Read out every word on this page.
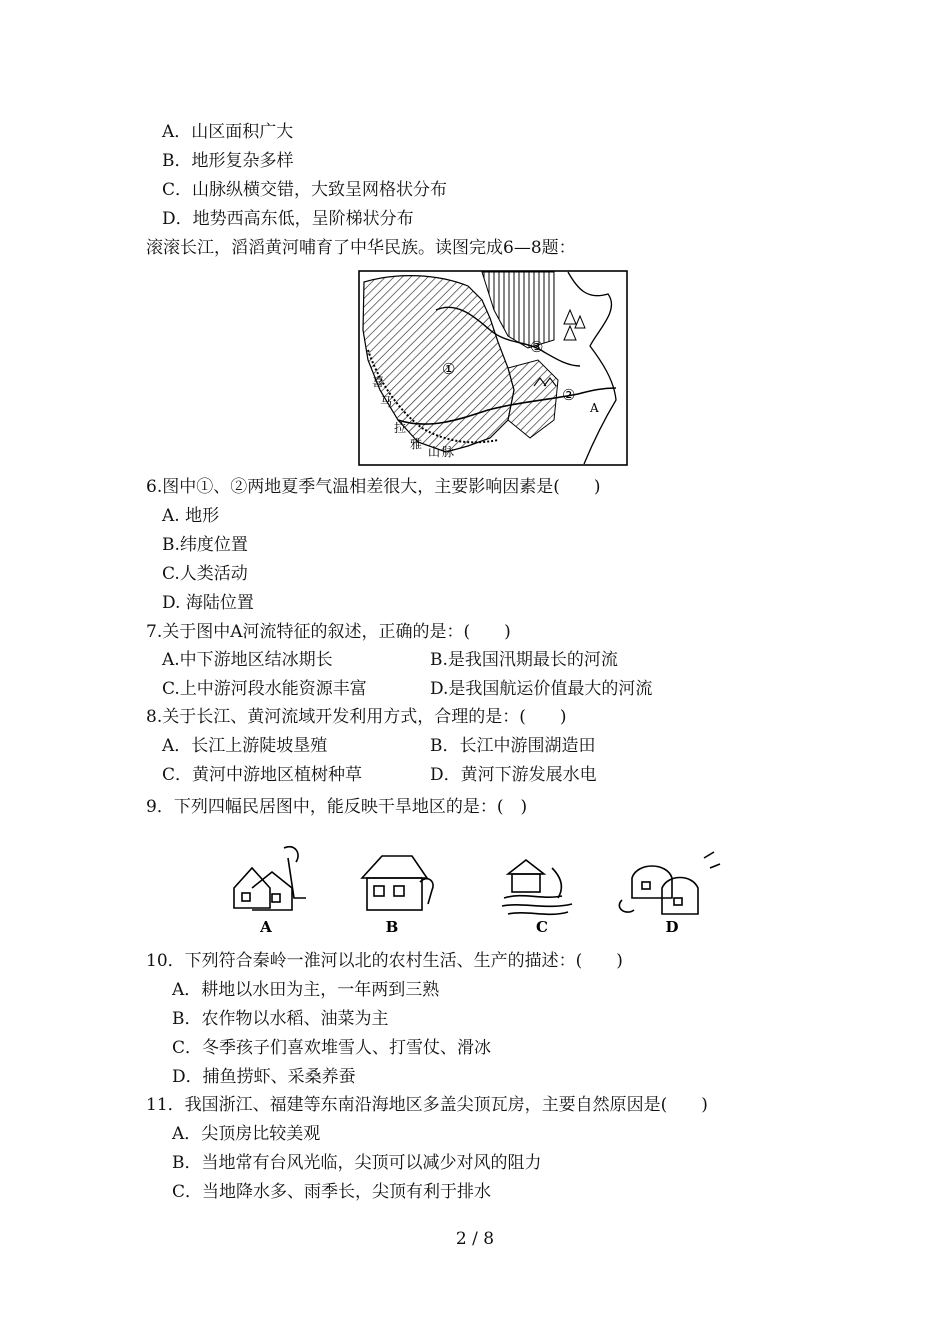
A．山区面积广大
B．地形复杂多样
C．山脉纵横交错，大致呈网格状分布
D．地势西高东低，呈阶梯状分布
滚滚长江，滔滔黄河哺育了中华民族。读图完成6—8题：
喜
马
拉
雅
山 脉
①
②
③
A
6.图中①、②两地夏季气温相差很大，主要影响因素是(　　)
A. 地形
B.纬度位置
C.人类活动
D. 海陆位置
7.关于图中A河流特征的叙述，正确的是：(　　)
A.中下游地区结冰期长	B.是我国汛期最长的河流
C.上中游河段水能资源丰富	D.是我国航运价值最大的河流
8.关于长江、黄河流域开发利用方式，合理的是：(　　)
A．长江上游陡坡垦殖	B．长江中游围湖造田
C．黄河中游地区植树种草	D．黄河下游发展水电
9．下列四幅民居图中，能反映干旱地区的是：(　)
A	B	C	D
10．下列符合秦岭一淮河以北的农村生活、生产的描述：(　　)
A．耕地以水田为主，一年两到三熟
B．农作物以水稻、油菜为主
C．冬季孩子们喜欢堆雪人、打雪仗、滑冰
D．捕鱼捞虾、采桑养蚕
11．我国浙江、福建等东南沿海地区多盖尖顶瓦房，主要自然原因是(　　)
A．尖顶房比较美观
B．当地常有台风光临，尖顶可以减少对风的阻力
C．当地降水多、雨季长，尖顶有利于排水
2 / 8
